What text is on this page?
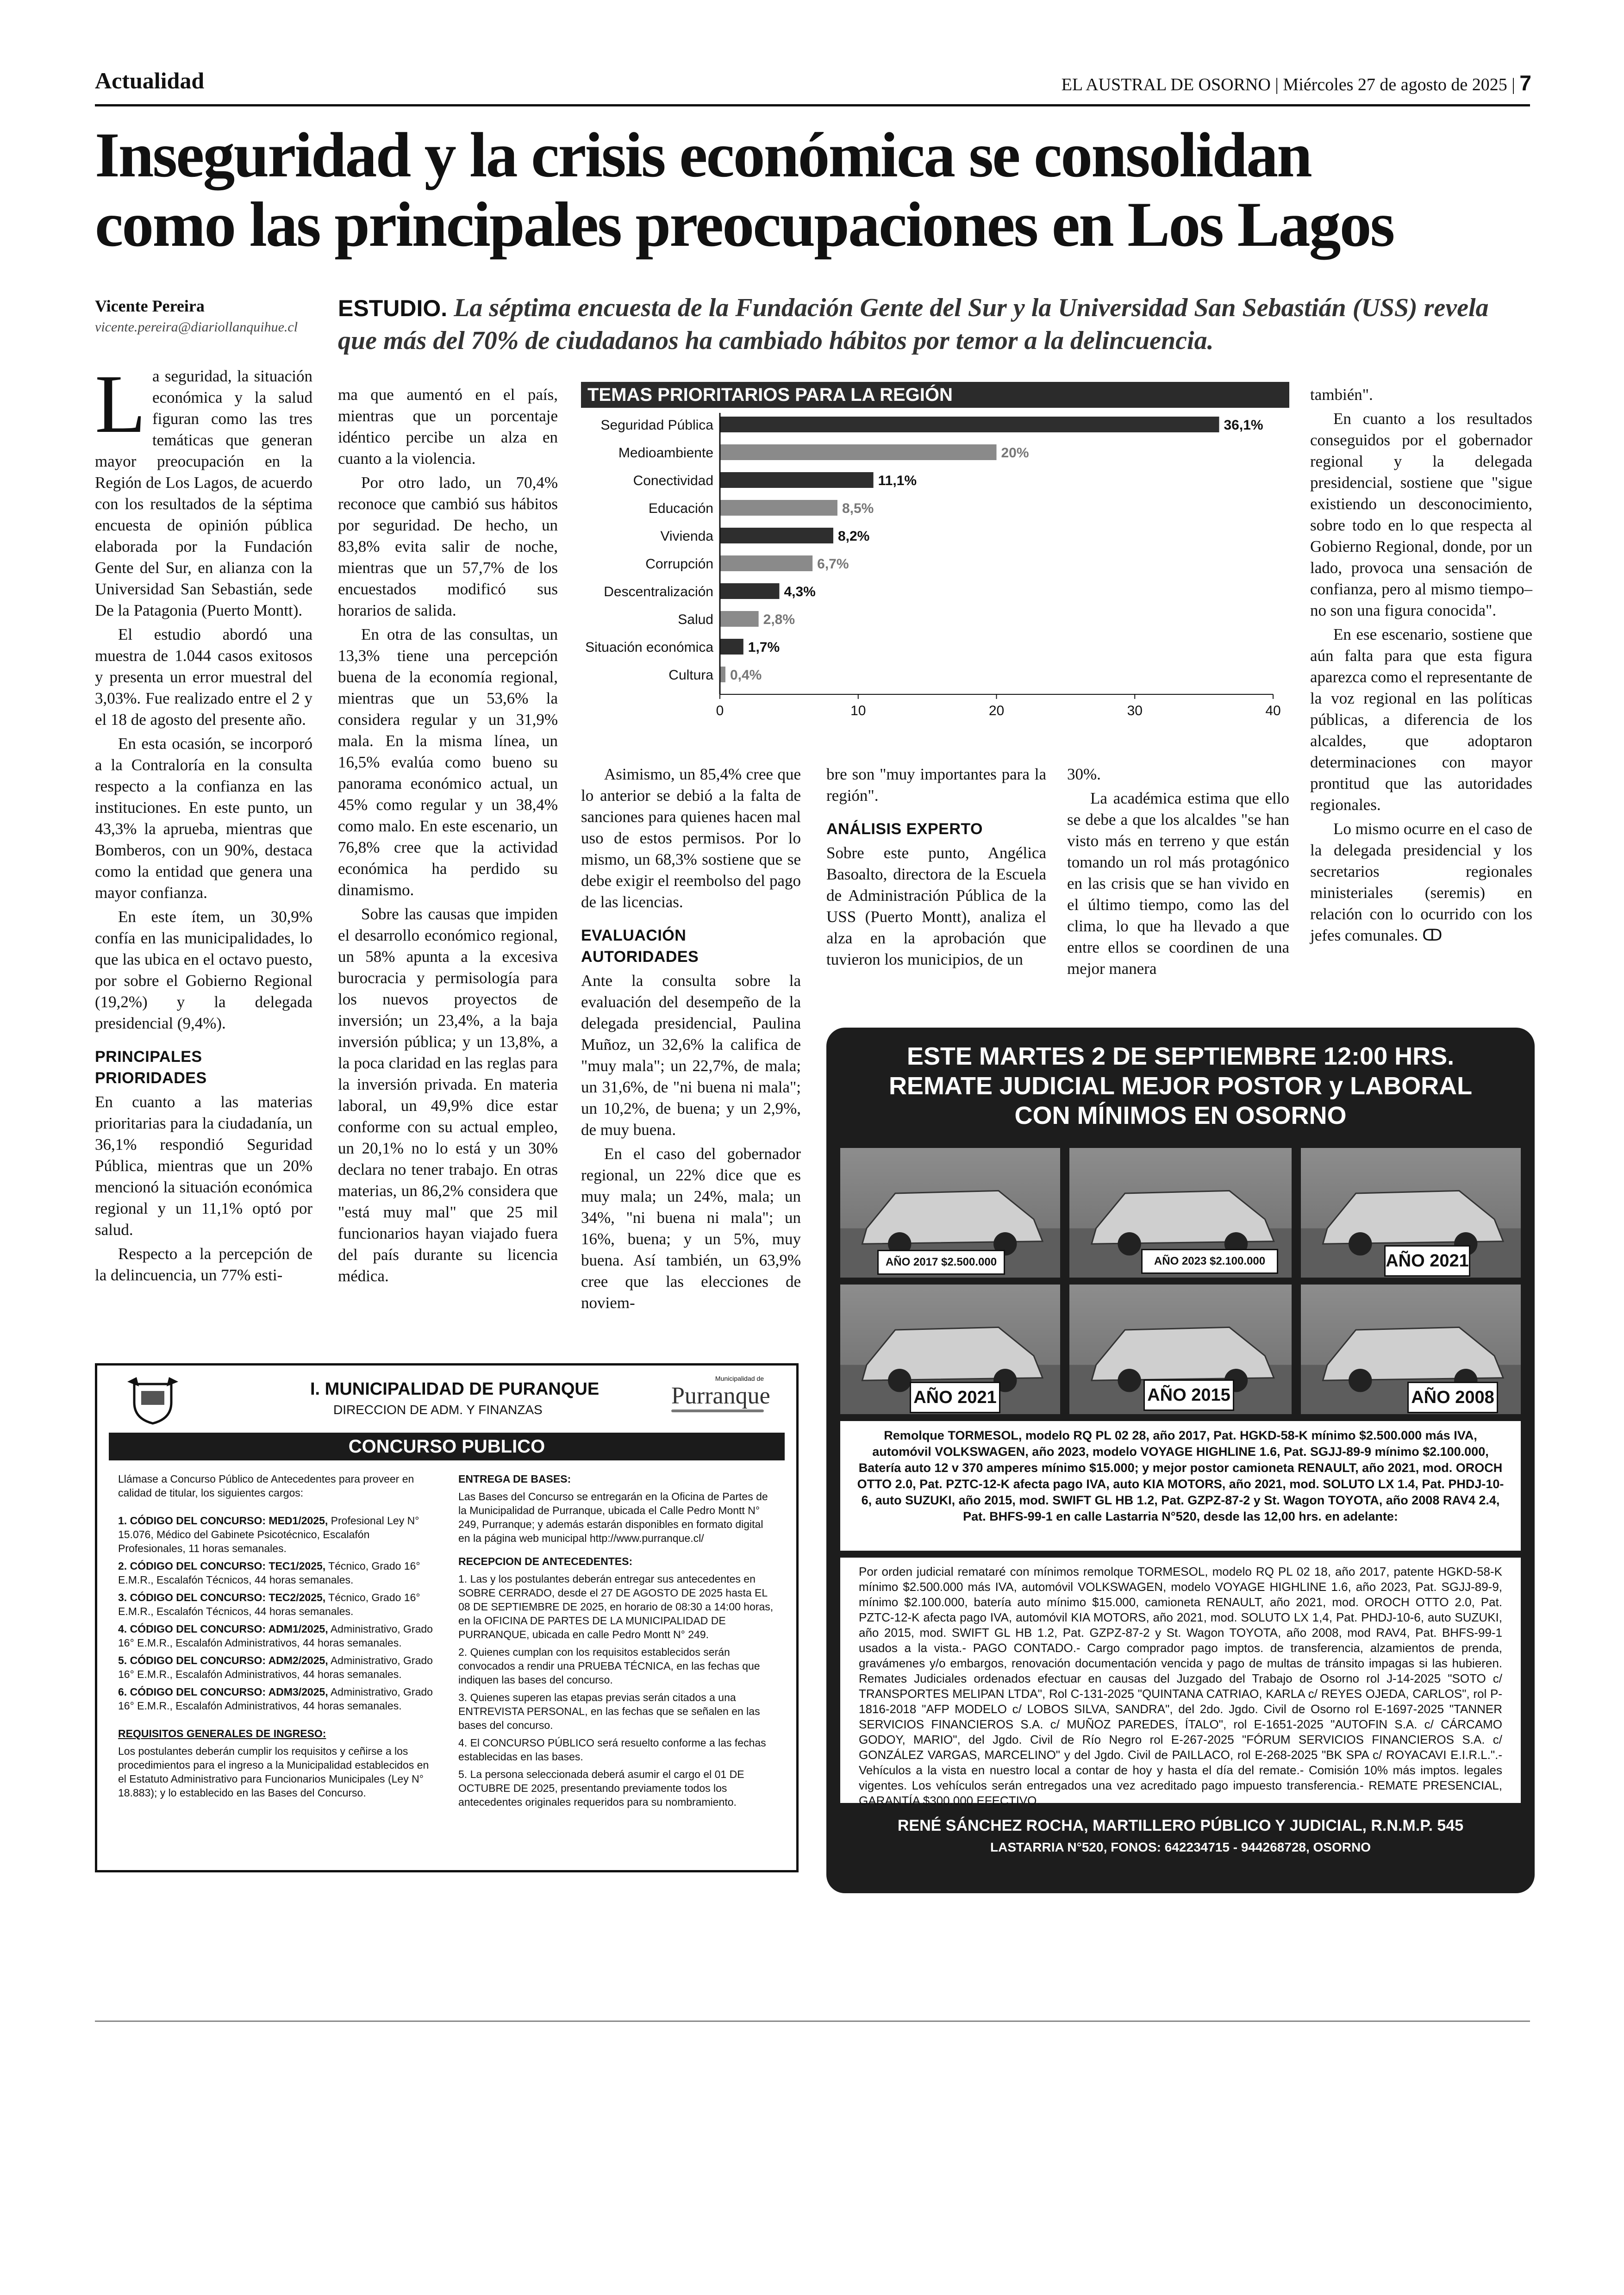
Actualidad	EL AUSTRAL DE OSORNO | Miércoles 27 de agosto de 2025 | 7
Inseguridad y la crisis económica se consolidan
como las principales preocupaciones en Los Lagos
Vicente Pereira
vicente.pereira@diariollanquihue.cl
ESTUDIO. La séptima encuesta de la Fundación Gente del Sur y la Universidad San Sebastián (USS) revela que más del 70% de ciudadanos ha cambiado hábitos por temor a la delincuencia.

La seguridad, la situación económica y la salud figuran como las tres temáticas que generan mayor preocupación en la Región de Los Lagos, de acuerdo con los resultados de la séptima encuesta de opinión pública elaborada por la Fundación Gente del Sur, en alianza con la Universidad San Sebastián, sede De la Patagonia (Puerto Montt).

El estudio abordó una muestra de 1.044 casos exitosos y presenta un error muestral del 3,03%. Fue realizado entre el 2 y el 18 de agosto del presente año.

En esta ocasión, se incorporó a la Contraloría en la consulta respecto a la confianza en las instituciones. En este punto, un 43,3% la aprueba, mientras que Bomberos, con un 90%, destaca como la entidad que genera una mayor confianza.

En este ítem, un 30,9% confía en las municipalidades, lo que las ubica en el octavo puesto, por sobre el Gobierno Regional (19,2%) y la delegada presidencial (9,4%).

PRINCIPALES PRIORIDADES

En cuanto a las materias prioritarias para la ciudadanía, un 36,1% respondió Seguridad Pública, mientras que un 20% mencionó la situación económica regional y un 11,1% optó por salud.

Respecto a la percepción de la delincuencia, un 77% esti-

ma que aumentó en el país, mientras que un porcentaje idéntico percibe un alza en cuanto a la violencia.

Por otro lado, un 70,4% reconoce que cambió sus hábitos por seguridad. De hecho, un 83,8% evita salir de noche, mientras que un 57,7% de los encuestados modificó sus horarios de salida.

En otra de las consultas, un 13,3% tiene una percepción buena de la economía regional, mientras que un 53,6% la considera regular y un 31,9% mala. En la misma línea, un 16,5% evalúa como bueno su panorama económico actual, un 45% como regular y un 38,4% como malo. En este escenario, un 76,8% cree que la actividad económica ha perdido su dinamismo.

Sobre las causas que impiden el desarrollo económico regional, un 58% apunta a la excesiva burocracia y permisología para los nuevos proyectos de inversión; un 23,4%, a la baja inversión pública; y un 13,8%, a la poca claridad en las reglas para la inversión privada. En materia laboral, un 49,9% dice estar conforme con su actual empleo, un 20,1% no lo está y un 30% declara no tener trabajo. En otras materias, un 86,2% considera que "está muy mal" que 25 mil funcionarios hayan viajado fuera del país durante su licencia médica.

TEMAS PRIORITARIOS PARA LA REGIÓN
Seguridad Pública	36,1%
Medioambiente	20%
Conectividad	11,1%
Educación	8,5%
Vivienda	8,2%
Corrupción	6,7%
Descentralización	4,3%
Salud	2,8%
Situación económica 1,7%
Cultura 0,4%
0	10	20	30	40

Asimismo, un 85,4% cree que lo anterior se debió a la falta de sanciones para quienes hacen mal uso de estos permisos. Por lo mismo, un 68,3% sostiene que se debe exigir el reembolso del pago de las licencias.

EVALUACIÓN AUTORIDADES

Ante la consulta sobre la evaluación del desempeño de la delegada presidencial, Paulina Muñoz, un 32,6% la califica de "muy mala"; un 22,7%, de mala; un 31,6%, de "ni buena ni mala"; un 10,2%, de buena; y un 2,9%, de muy buena.

En el caso del gobernador regional, un 22% dice que es muy mala; un 24%, mala; un 34%, "ni buena ni mala"; un 16%, buena; y un 5%, muy buena. Así también, un 63,9% cree que las elecciones de noviem-

bre son "muy importantes para la región".

ANÁLISIS EXPERTO

Sobre este punto, Angélica Basoalto, directora de la Escuela de Administración Pública de la USS (Puerto Montt), analiza el alza en la aprobación que tuvieron los municipios, de un

30%.

La académica estima que ello se debe a que los alcaldes "se han visto más en terreno y que están tomando un rol más protagónico en las crisis que se han vivido en el último tiempo, como las del clima, lo que ha llevado a que entre ellos se coordinen de una mejor manera

también".

En cuanto a los resultados conseguidos por el gobernador regional y la delegada presidencial, sostiene que "sigue existiendo un desconocimiento, sobre todo en lo que respecta al Gobierno Regional, donde, por un lado, provoca una sensación de confianza, pero al mismo tiempo– no son una figura conocida".

En ese escenario, sostiene que aún falta para que esta figura aparezca como el representante de la voz regional en las políticas públicas, a diferencia de los alcaldes, que adoptaron determinaciones con mayor prontitud que las autoridades regionales.

Lo mismo ocurre en el caso de la delegada presidencial y los secretarios regionales ministeriales (seremis) en relación con lo ocurrido con los jefes comunales. ↀ

I. MUNICIPALIDAD DE PURANQUE
DIRECCION DE ADM. Y FINANZAS
Municipalidad de
Purranque
CONCURSO PUBLICO

Llámase a Concurso Público de Antecedentes para proveer en calidad de titular, los siguientes cargos:

1. CÓDIGO DEL CONCURSO: MED1/2025, Profesional Ley N° 15.076, Médico del Gabinete Psicotécnico, Escalafón Profesionales, 11 horas semanales.

2. CÓDIGO DEL CONCURSO: TEC1/2025, Técnico, Grado 16° E.M.R., Escalafón Técnicos, 44 horas semanales.

3. CÓDIGO DEL CONCURSO: TEC2/2025, Técnico, Grado 16° E.M.R., Escalafón Técnicos, 44 horas semanales.

4. CÓDIGO DEL CONCURSO: ADM1/2025, Administrativo, Grado 16° E.M.R., Escalafón Administrativos, 44 horas semanales.

5. CÓDIGO DEL CONCURSO: ADM2/2025, Administrativo, Grado 16° E.M.R., Escalafón Administrativos, 44 horas semanales.

6. CÓDIGO DEL CONCURSO: ADM3/2025, Administrativo, Grado 16° E.M.R., Escalafón Administrativos, 44 horas semanales.

REQUISITOS GENERALES DE INGRESO:

Los postulantes deberán cumplir los requisitos y ceñirse a los procedimientos para el ingreso a la Municipalidad establecidos en el Estatuto Administrativo para Funcionarios Municipales (Ley N° 18.883); y lo establecido en las Bases del Concurso.

ENTREGA DE BASES:

Las Bases del Concurso se entregarán en la Oficina de Partes de la Municipalidad de Purranque, ubicada el Calle Pedro Montt N° 249, Purranque; y además estarán disponibles en formato digital en la página web municipal http://www.purranque.cl/

RECEPCION DE ANTECEDENTES:

1. Las y los postulantes deberán entregar sus antecedentes en SOBRE CERRADO, desde el 27 DE AGOSTO DE 2025 hasta EL 08 DE SEPTIEMBRE DE 2025, en horario de 08:30 a 14:00 horas, en la OFICINA DE PARTES DE LA MUNICIPALIDAD DE PURRANQUE, ubicada en calle Pedro Montt N° 249.

2. Quienes cumplan con los requisitos establecidos serán convocados a rendir una PRUEBA TÉCNICA, en las fechas que indiquen las bases del concurso.

3. Quienes superen las etapas previas serán citados a una ENTREVISTA PERSONAL, en las fechas que se señalen en las bases del concurso.

4. El CONCURSO PÚBLICO será resuelto conforme a las fechas establecidas en las bases.

5. La persona seleccionada deberá asumir el cargo el 01 DE OCTUBRE DE 2025, presentando previamente todos los antecedentes originales requeridos para su nombramiento.

ESTE MARTES 2 DE SEPTIEMBRE 12:00 HRS.
REMATE JUDICIAL MEJOR POSTOR y LABORAL
CON MÍNIMOS EN OSORNO
AÑO 2017 $2.500.000	AÑO 2023 $2.100.000	AÑO 2021
AÑO 2021	AÑO 2015	AÑO 2008
Remolque TORMESOL, modelo RQ PL 02 28, año 2017, Pat. HGKD-58-K mínimo $2.500.000 más IVA, automóvil VOLKSWAGEN, año 2023, modelo VOYAGE HIGHLINE 1.6, Pat. SGJJ-89-9 mínimo $2.100.000, Batería auto 12 v 370 amperes mínimo $15.000; y mejor postor camioneta RENAULT, año 2021, mod. OROCH OTTO 2.0, Pat. PZTC-12-K afecta pago IVA, auto KIA MOTORS, año 2021, mod. SOLUTO LX 1.4, Pat. PHDJ-10-6, auto SUZUKI, año 2015, mod. SWIFT GL HB 1.2, Pat. GZPZ-87-2 y St. Wagon TOYOTA, año 2008 RAV4 2.4, Pat. BHFS-99-1 en calle Lastarria N°520, desde las 12,00 hrs. en adelante:
Por orden judicial remataré con mínimos remolque TORMESOL, modelo RQ PL 02 18, año 2017, patente HGKD-58-K mínimo $2.500.000 más IVA, automóvil VOLKSWAGEN, modelo VOYAGE HIGHLINE 1.6, año 2023, Pat. SGJJ-89-9, mínimo $2.100.000, batería auto mínimo $15.000, camioneta RENAULT, año 2021, mod. OROCH OTTO 2.0, Pat. PZTC-12-K afecta pago IVA, automóvil KIA MOTORS, año 2021, mod. SOLUTO LX 1,4, Pat. PHDJ-10-6, auto SUZUKI, año 2015, mod. SWIFT GL HB 1.2, Pat. GZPZ-87-2 y St. Wagon TOYOTA, año 2008, mod RAV4, Pat. BHFS-99-1 usados a la vista.- PAGO CONTADO.- Cargo comprador pago imptos. de transferencia, alzamientos de prenda, gravámenes y/o embargos, renovación documentación vencida y pago de multas de tránsito impagas si las hubieren. Remates Judiciales ordenados efectuar en causas del Juzgado del Trabajo de Osorno rol J-14-2025 "SOTO c/ TRANSPORTES MELIPAN LTDA", Rol C-131-2025 "QUINTANA CATRIAO, KARLA c/ REYES OJEDA, CARLOS", rol P-1816-2018 "AFP MODELO c/ LOBOS SILVA, SANDRA", del 2do. Jgdo. Civil de Osorno rol E-1697-2025 "TANNER SERVICIOS FINANCIEROS S.A. c/ MUÑOZ PAREDES, ÍTALO", rol E-1651-2025 "AUTOFIN S.A. c/ CÁRCAMO GODOY, MARIO", del Jgdo. Civil de Río Negro rol E-267-2025 "FÓRUM SERVICIOS FINANCIEROS S.A. c/ GONZÁLEZ VARGAS, MARCELINO" y del Jgdo. Civil de PAILLACO, rol E-268-2025 "BK SPA c/ ROYACAVI E.I.R.L.".- Vehículos a la vista en nuestro local a contar de hoy y hasta el día del remate.- Comisión 10% más imptos. legales vigentes. Los vehículos serán entregados una vez acreditado pago impuesto transferencia.- REMATE PRESENCIAL, GARANTÍA $300.000 EFECTIVO.
RENÉ SÁNCHEZ ROCHA, MARTILLERO PÚBLICO Y JUDICIAL, R.N.M.P. 545
LASTARRIA N°520, FONOS: 642234715 - 944268728, OSORNO
